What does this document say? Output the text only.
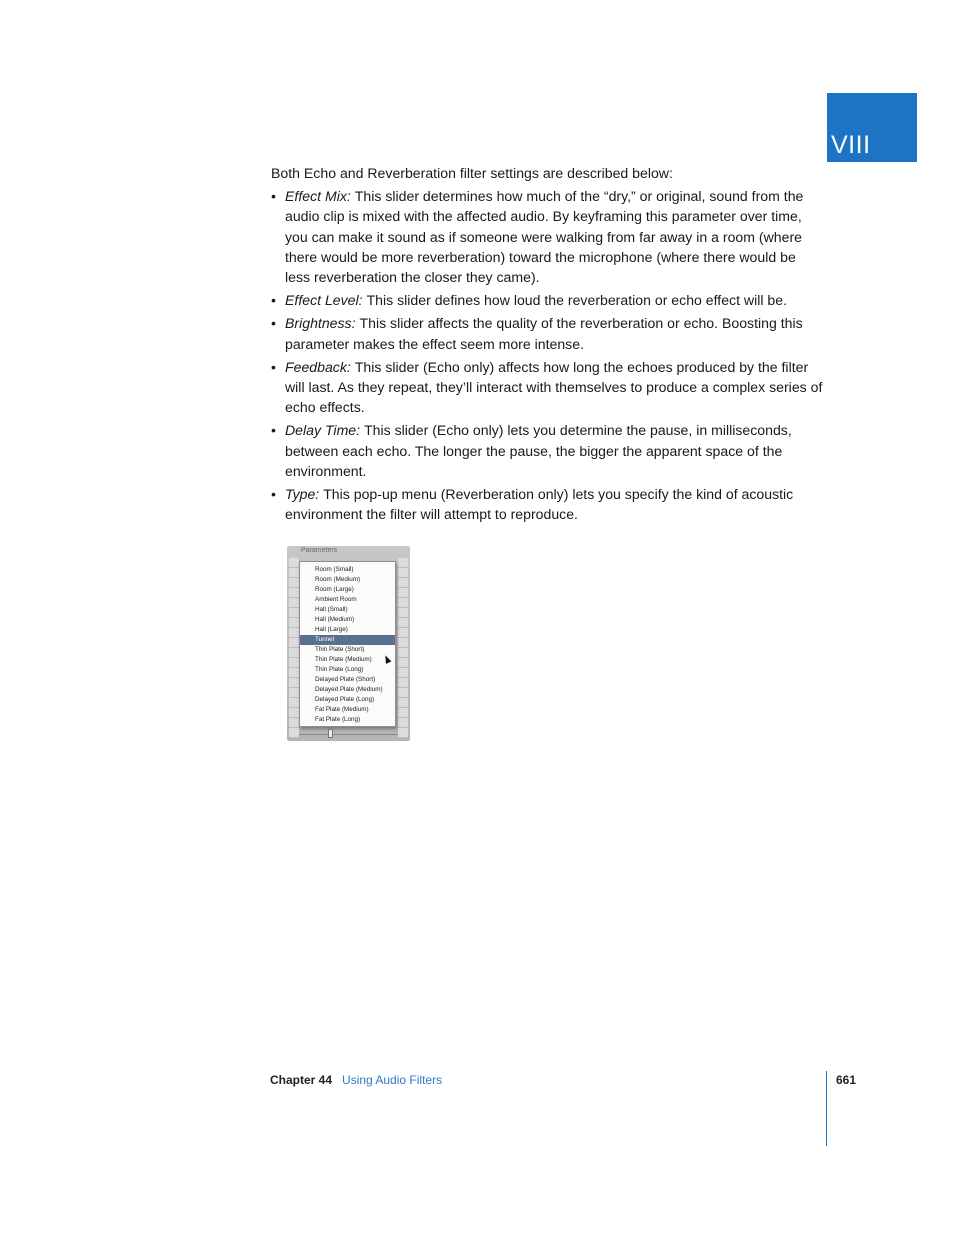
VIII

Both Echo and Reverberation filter settings are described below:

• Effect Mix: This slider determines how much of the “dry,” or original, sound from the audio clip is mixed with the affected audio. By keyframing this parameter over time, you can make it sound as if someone were walking from far away in a room (where there would be more reverberation) toward the microphone (where there would be less reverberation the closer they came).
• Effect Level: This slider defines how loud the reverberation or echo effect will be.
• Brightness: This slider affects the quality of the reverberation or echo. Boosting this parameter makes the effect seem more intense.
• Feedback: This slider (Echo only) affects how long the echoes produced by the filter will last. As they repeat, they’ll interact with themselves to produce a complex series of echo effects.
• Delay Time: This slider (Echo only) lets you determine the pause, in milliseconds, between each echo. The longer the pause, the bigger the apparent space of the environment.
• Type: This pop-up menu (Reverberation only) lets you specify the kind of acoustic environment the filter will attempt to reproduce.
Parameters
Room (Small)
Room (Medium)
Room (Large)
Ambient Room
Hall (Small)
Hall (Medium)
Hall (Large)
Tunnel
Thin Plate (Short)
Thin Plate (Medium)
Thin Plate (Long)
Delayed Plate (Short)
Delayed Plate (Medium)
Delayed Plate (Long)
Fat Plate (Medium)
Fat Plate (Long)
Chapter 44 Using Audio Filters	661
